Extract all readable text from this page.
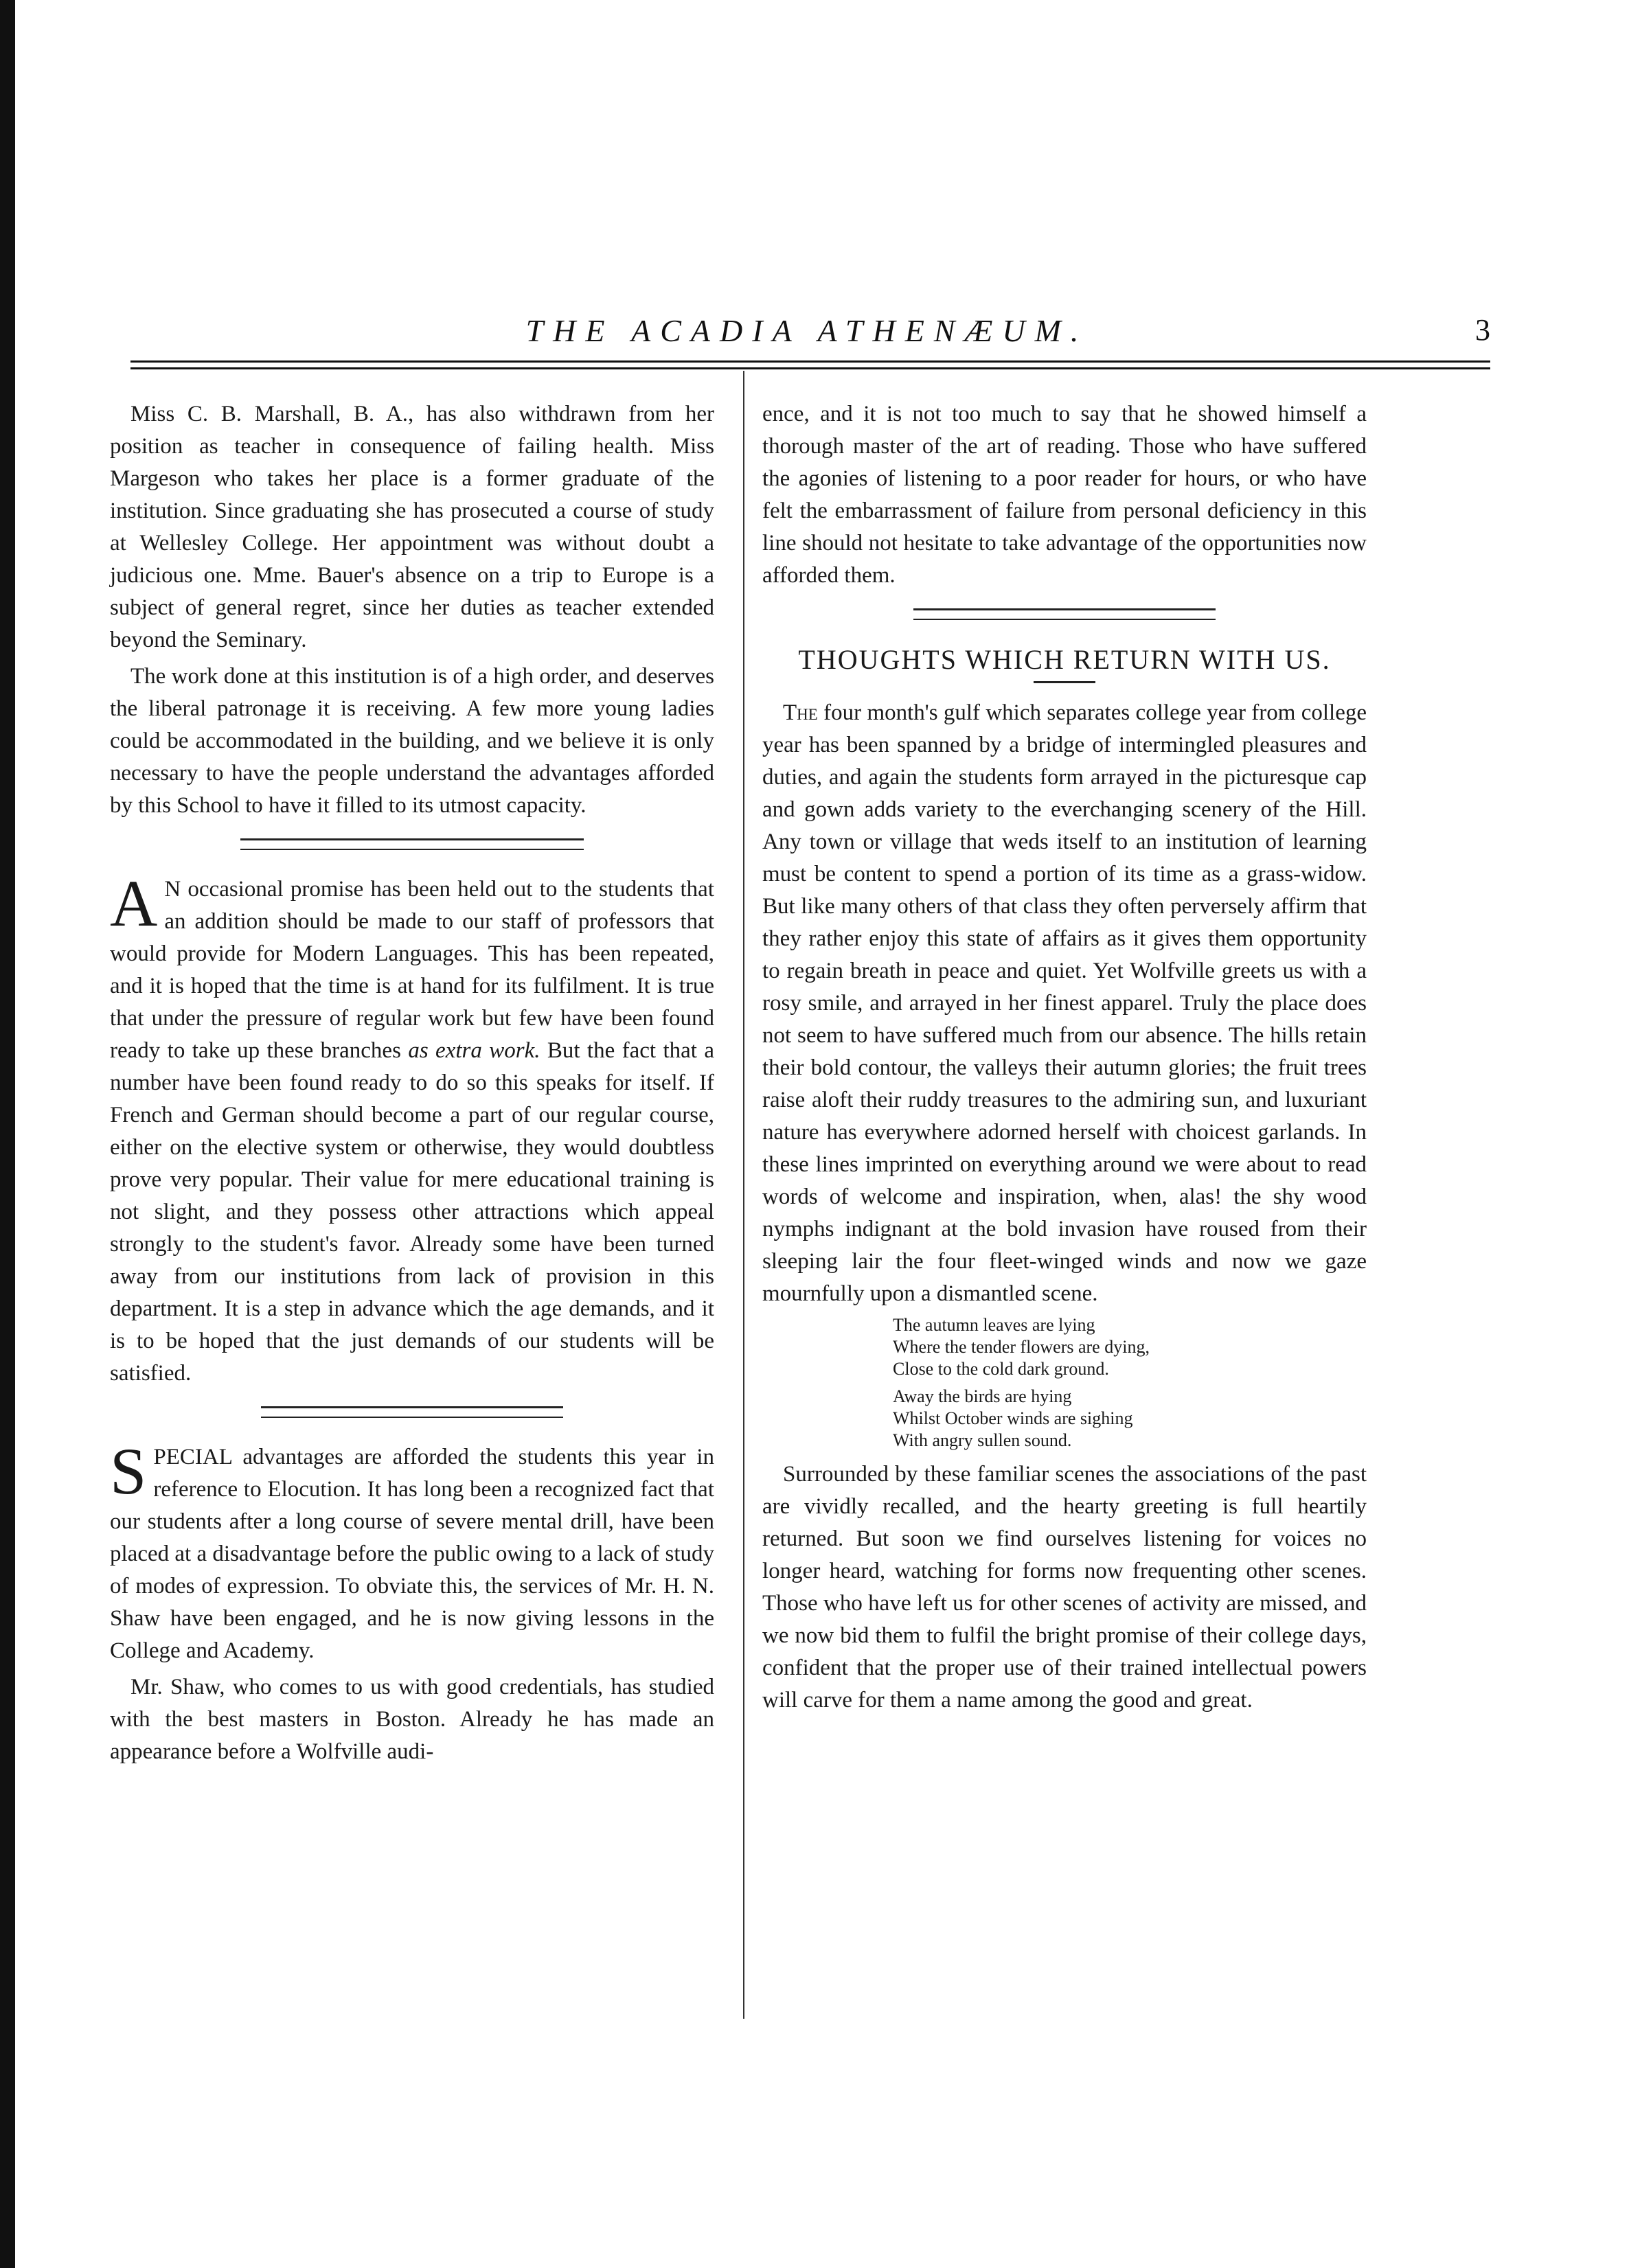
THE ACADIA ATHENÆUM.	3

Miss C. B. Marshall, B. A., has also withdrawn from her position as teacher in consequence of failing health. Miss Margeson who takes her place is a former graduate of the institution. Since graduating she has prosecuted a course of study at Wellesley College. Her appointment was without doubt a judicious one. Mme. Bauer's absence on a trip to Europe is a subject of general regret, since her duties as teacher extended beyond the Seminary.

The work done at this institution is of a high order, and deserves the liberal patronage it is receiving. A few more young ladies could be accommodated in the building, and we believe it is only necessary to have the people understand the advantages afforded by this School to have it filled to its utmost capacity.

A N occasional promise has been held out to the students that an addition should be made to our staff of professors that would provide for Modern Languages. This has been repeated, and it is hoped that the time is at hand for its fulfilment. It is true that under the pressure of regular work but few have been found ready to take up these branches as extra work. But the fact that a number have been found ready to do so this speaks for itself. If French and German should become a part of our regular course, either on the elective system or otherwise, they would doubtless prove very popular. Their value for mere educational training is not slight, and they possess other attractions which appeal strongly to the student's favor. Already some have been turned away from our institutions from lack of provision in this department. It is a step in advance which the age demands, and it is to be hoped that the just demands of our students will be satisfied.

SPECIAL advantages are afforded the students this year in reference to Elocution. It has long been a recognized fact that our students after a long course of severe mental drill, have been placed at a disadvantage before the public owing to a lack of study of modes of expression. To obviate this, the services of Mr. H. N. Shaw have been engaged, and he is now giving lessons in the College and Academy.

Mr. Shaw, who comes to us with good credentials, has studied with the best masters in Boston. Already he has made an appearance before a Wolfville audi-

ence, and it is not too much to say that he showed himself a thorough master of the art of reading. Those who have suffered the agonies of listening to a poor reader for hours, or who have felt the embarrassment of failure from personal deficiency in this line should not hesitate to take advantage of the opportunities now afforded them.

THOUGHTS WHICH RETURN WITH US.

The four month's gulf which separates college year from college year has been spanned by a bridge of intermingled pleasures and duties, and again the students form arrayed in the picturesque cap and gown adds variety to the everchanging scenery of the Hill. Any town or village that weds itself to an institution of learning must be content to spend a portion of its time as a grass-widow. But like many others of that class they often perversely affirm that they rather enjoy this state of affairs as it gives them opportunity to regain breath in peace and quiet. Yet Wolfville greets us with a rosy smile, and arrayed in her finest apparel. Truly the place does not seem to have suffered much from our absence. The hills retain their bold contour, the valleys their autumn glories; the fruit trees raise aloft their ruddy treasures to the admiring sun, and luxuriant nature has everywhere adorned herself with choicest garlands. In these lines imprinted on everything around we were about to read words of welcome and inspiration, when, alas! the shy wood nymphs indignant at the bold invasion have roused from their sleeping lair the four fleet-winged winds and now we gaze mournfully upon a dismantled scene.

The autumn leaves are lying
Where the tender flowers are dying,
Close to the cold dark ground.
Away the birds are hying
Whilst October winds are sighing
With angry sullen sound.

Surrounded by these familiar scenes the associations of the past are vividly recalled, and the hearty greeting is full heartily returned. But soon we find ourselves listening for voices no longer heard, watching for forms now frequenting other scenes. Those who have left us for other scenes of activity are missed, and we now bid them to fulfil the bright promise of their college days, confident that the proper use of their trained intellectual powers will carve for them a name among the good and great.
